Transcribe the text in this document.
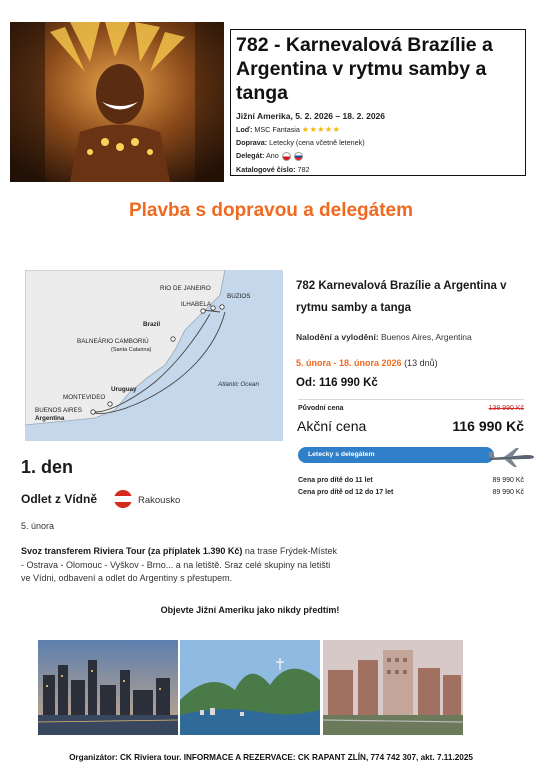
782 - Karnevalová Brazílie a Argentina v rytmu samby a tanga
Jižní Amerika, 5. 2. 2026 – 18. 2. 2026
Loď: MSC Fantasia ★★★★★
Doprava: Letecky (cena včetně letenek)
Delegát: Ano
Katalogové číslo: 782
Plavba s dopravou a delegátem
RIO DE JANEIRO
ILHABELA
BUZIOS
Brazil
BALNEÁRIO CAMBORIÚ
(Santa Catarina)
Uruguay
MONTEVIDEO
BUENOS AIRES
Argentina
Atlantic Ocean
782 Karnevalová Brazílie a Argentina v rytmu samby a tanga
Nalodění a vylodění: Buenos Aires, Argentina
5. února - 18. února 2026 (13 dnů)
Od: 116 990 Kč
Původní cena	139 990 Kč
Akční cena	116 990 Kč
Letecky s delegátem
Cena pro dítě do 11 let	89 990 Kč
Cena pro dítě od 12 do 17 let	89 990 Kč
1. den
Odlet z Vídně	Rakousko
5. února
Svoz transferem Riviera Tour (za příplatek 1.390 Kč) na trase Frýdek-Místek - Ostrava - Olomouc - Vyškov - Brno... a na letiště. Sraz celé skupiny na letišti ve Vídni, odbavení a odlet do Argentiny s přestupem.
Objevte Jižní Ameriku jako nikdy předtím!
Organizátor: CK Riviera tour. INFORMACE A REZERVACE: CK RAPANT ZLÍN, 774 742 307, akt. 7.11.2025
